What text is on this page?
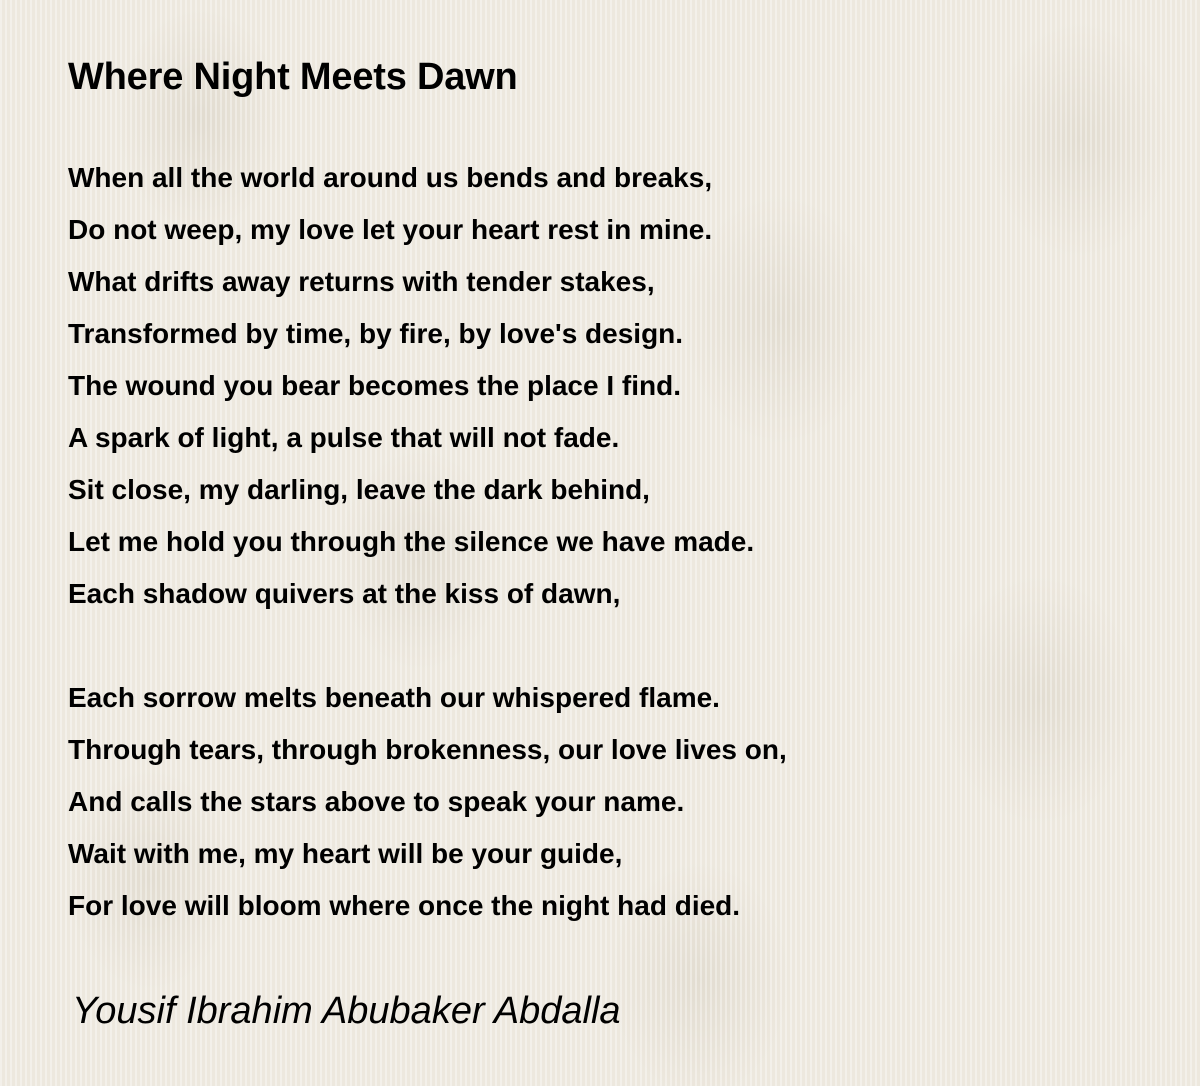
Where Night Meets Dawn

When all the world around us bends and breaks,
Do not weep, my love let your heart rest in mine.
What drifts away returns with tender stakes,
Transformed by time, by fire, by love's design.
The wound you bear becomes the place I find.
A spark of light, a pulse that will not fade.
Sit close, my darling, leave the dark behind,
Let me hold you through the silence we have made.
Each shadow quivers at the kiss of dawn,

Each sorrow melts beneath our whispered flame.
Through tears, through brokenness, our love lives on,
And calls the stars above to speak your name.
Wait with me, my heart will be your guide,
For love will bloom where once the night had died.

Yousif Ibrahim Abubaker Abdalla
